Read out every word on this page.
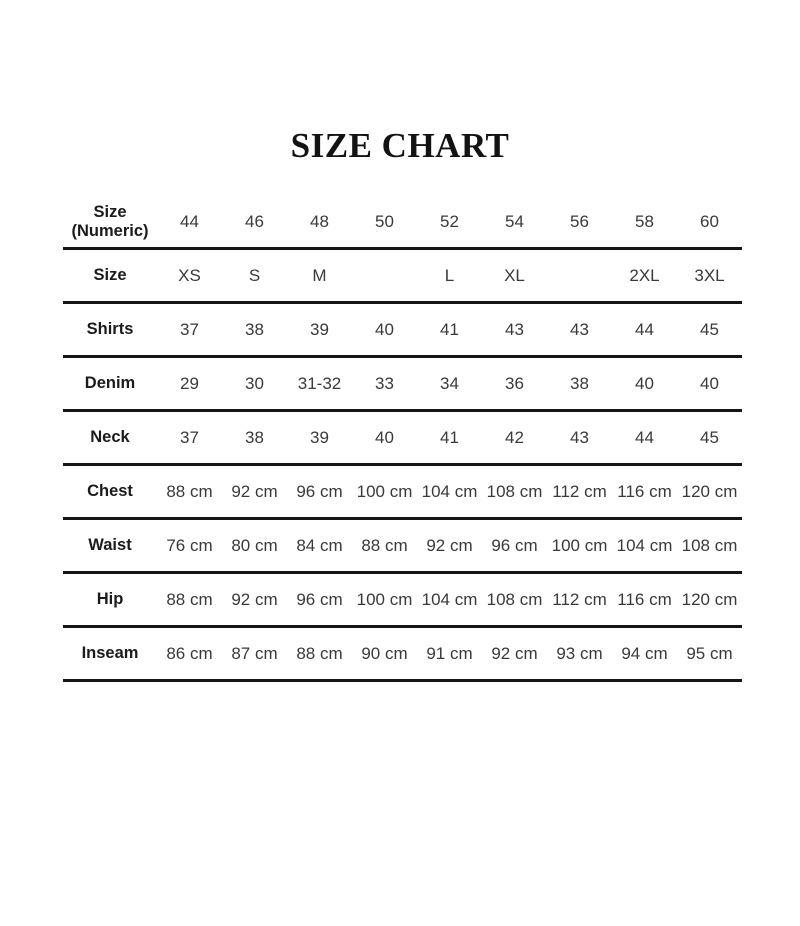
SIZE CHART
Size (Numeric)	44	46	48	50	52	54	56	58	60
Size	XS	S	M		L	XL		2XL	3XL
Shirts	37	38	39	40	41	43	43	44	45
Denim	29	30	31-32	33	34	36	38	40	40
Neck	37	38	39	40	41	42	43	44	45
Chest	88 cm	92 cm	96 cm	100 cm	104 cm	108 cm	112 cm	116 cm	120 cm
Waist	76 cm	80 cm	84 cm	88 cm	92 cm	96 cm	100 cm	104 cm	108 cm
Hip	88 cm	92 cm	96 cm	100 cm	104 cm	108 cm	112 cm	116 cm	120 cm
Inseam	86 cm	87 cm	88 cm	90 cm	91 cm	92 cm	93 cm	94 cm	95 cm
